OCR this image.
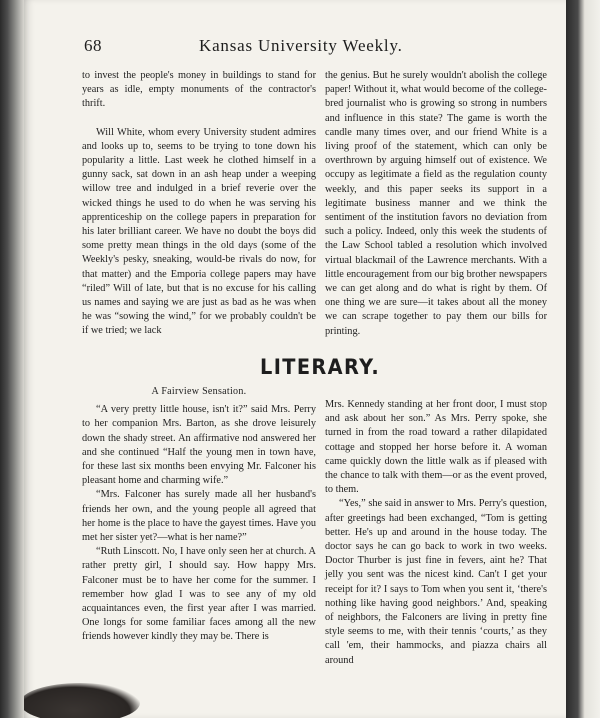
68	Kansas University Weekly.

to invest the people's money in buildings to stand for years as idle, empty monuments of the contractor's thrift.

Will White, whom every University student admires and looks up to, seems to be trying to tone down his popularity a little. Last week he clothed himself in a gunny sack, sat down in an ash heap under a weeping willow tree and indulged in a brief reverie over the wicked things he used to do when he was serving his apprenticeship on the college papers in preparation for his later brilliant career. We have no doubt the boys did some pretty mean things in the old days (some of the Weekly's pesky, sneaking, would-be rivals do now, for that matter) and the Emporia college papers may have “riled” Will of late, but that is no excuse for his calling us names and saying we are just as bad as he was when he was “sowing the wind,” for we probably couldn't be if we tried; we lack

the genius. But he surely wouldn't abolish the college paper! Without it, what would become of the college-bred journalist who is growing so strong in numbers and influence in this state? The game is worth the candle many times over, and our friend White is a living proof of the statement, which can only be overthrown by arguing himself out of existence. We occupy as legitimate a field as the regulation county weekly, and this paper seeks its support in a legitimate business manner and we think the sentiment of the institution favors no deviation from such a policy. Indeed, only this week the students of the Law School tabled a resolution which involved virtual blackmail of the Lawrence merchants. With a little encouragement from our big brother newspapers we can get along and do what is right by them. Of one thing we are sure—it takes about all the money we can scrape together to pay them our bills for printing.

LITERARY.
A Fairview Sensation.

“A very pretty little house, isn't it?” said Mrs. Perry to her companion Mrs. Barton, as she drove leisurely down the shady street. An affirmative nod answered her and she continued “Half the young men in town have, for these last six months been envying Mr. Falconer his pleasant home and charming wife.”

“Mrs. Falconer has surely made all her husband's friends her own, and the young people all agreed that her home is the place to have the gayest times. Have you met her sister yet?—what is her name?”

“Ruth Linscott. No, I have only seen her at church. A rather pretty girl, I should say. How happy Mrs. Falconer must be to have her come for the summer. I remember how glad I was to see any of my old acquaintances even, the first year after I was married. One longs for some familiar faces among all the new friends however kindly they may be. There is

Mrs. Kennedy standing at her front door, I must stop and ask about her son.” As Mrs. Perry spoke, she turned in from the road toward a rather dilapidated cottage and stopped her horse before it. A woman came quickly down the little walk as if pleased with the chance to talk with them—or as the event proved, to them.

“Yes,” she said in answer to Mrs. Perry's question, after greetings had been exchanged, “Tom is getting better. He's up and around in the house today. The doctor says he can go back to work in two weeks. Doctor Thurber is just fine in fevers, aint he? That jelly you sent was the nicest kind. Can't I get your receipt for it? I says to Tom when you sent it, ‘there's nothing like having good neighbors.’ And, speaking of neighbors, the Falconers are living in pretty fine style seems to me, with their tennis ‘courts,’ as they call 'em, their hammocks, and piazza chairs all around
